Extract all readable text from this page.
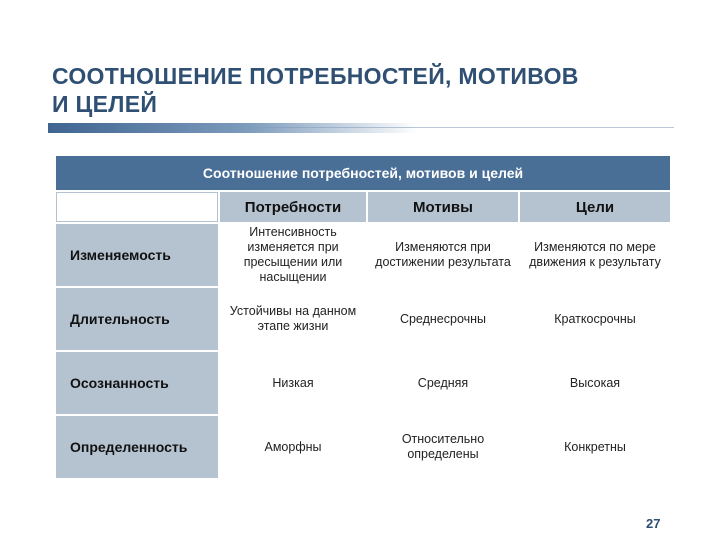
СООТНОШЕНИЕ ПОТРЕБНОСТЕЙ, МОТИВОВ
И ЦЕЛЕЙ
Соотношение потребностей, мотивов и целей			
	Потребности	Мотивы	Цели
Изменяемость	Интенсивность изменяется при пресыщении или насыщении	Изменяются при достижении результата	Изменяются по мере движения к результату
Длительность	Устойчивы на данном этапе жизни	Среднесрочны	Краткосрочны
Осознанность	Низкая	Средняя	Высокая
Определенность	Аморфны	Относительно определены	Конкретны
27
